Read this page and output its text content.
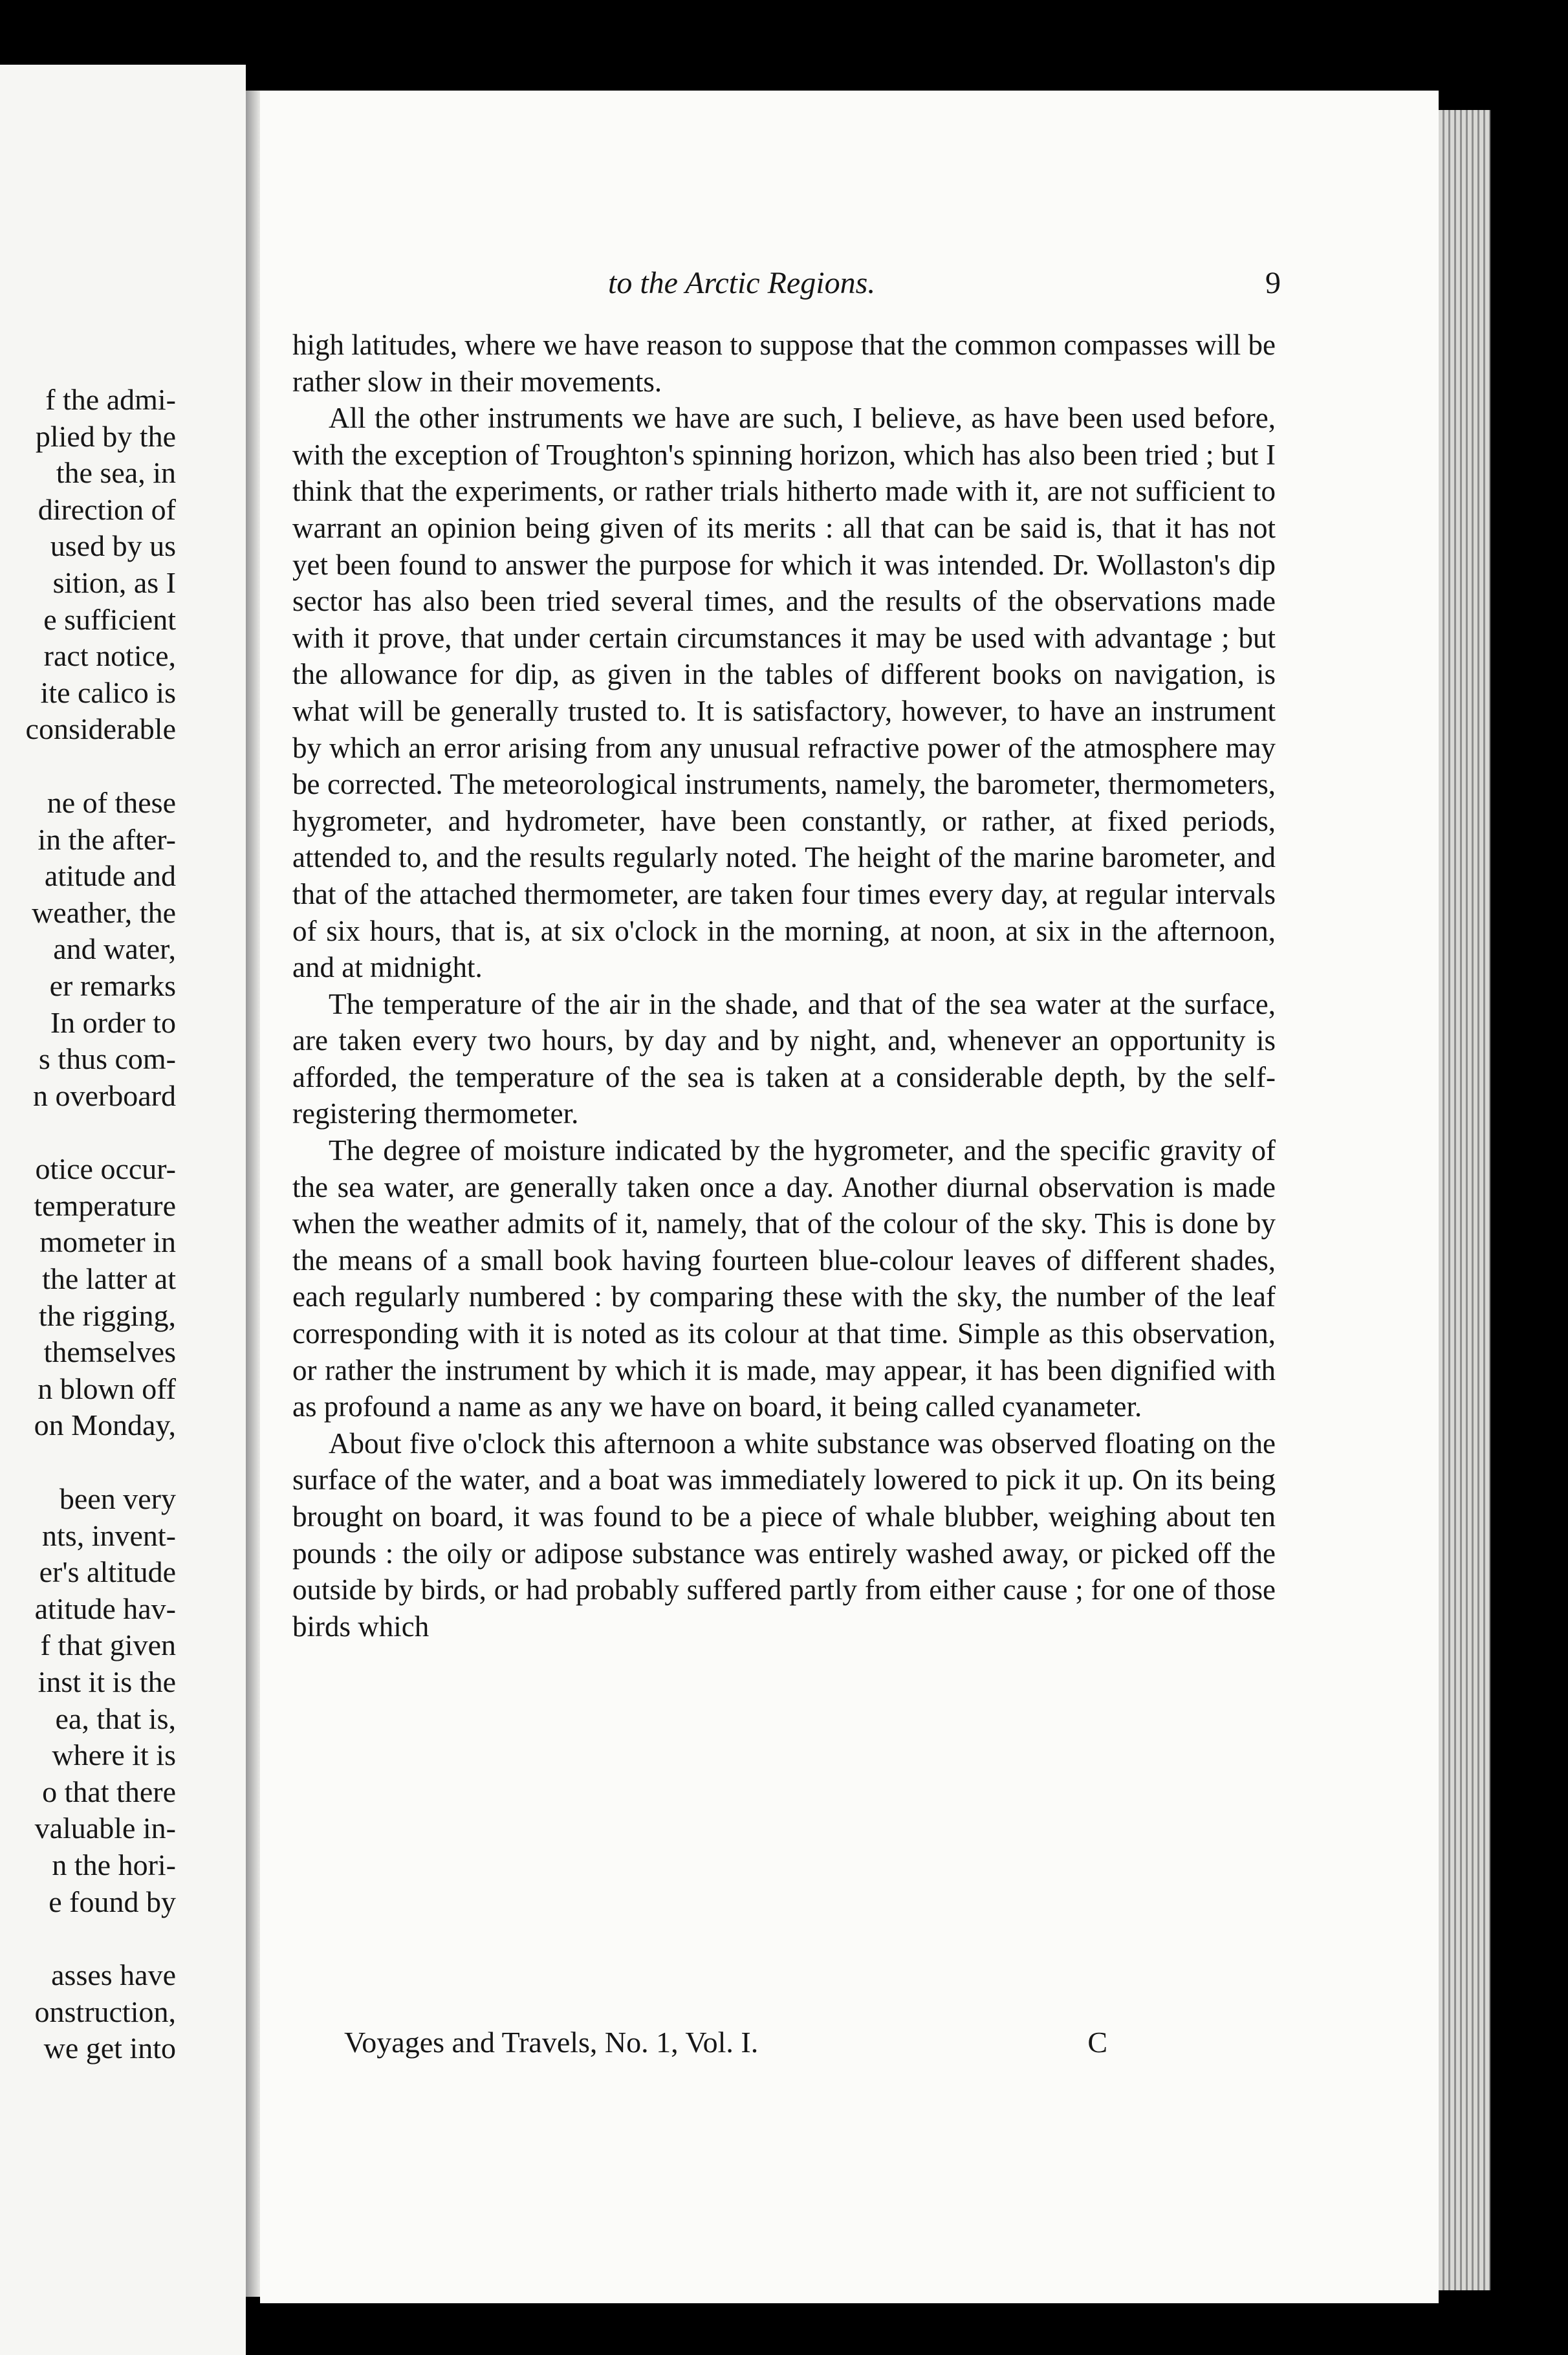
f the admi-
plied by the
the sea, in
direction of
used by us
sition, as I
e sufficient
ract notice,
ite calico is
considerable
ne of these
in the after-
atitude and
weather, the
and water,
er remarks
In order to
s thus com-
n overboard
otice occur-
temperature
mometer in
the latter at
the rigging,
themselves
n blown off
on Monday,
been very
nts, invent-
er's altitude
atitude hav-
f that given
inst it is the
ea, that is,
where it is
o that there
valuable in-
n the hori-
e found by
asses have
onstruction,
we get into
to the Arctic Regions.	9

high latitudes, where we have reason to suppose that the common compasses will be rather slow in their movements.

All the other instruments we have are such, I believe, as have been used before, with the exception of Troughton's spinning horizon, which has also been tried ; but I think that the experiments, or rather trials hitherto made with it, are not sufficient to warrant an opinion being given of its merits : all that can be said is, that it has not yet been found to answer the purpose for which it was intended. Dr. Wollaston's dip sector has also been tried several times, and the results of the observations made with it prove, that under certain circumstances it may be used with advantage ; but the allowance for dip, as given in the tables of different books on navigation, is what will be generally trusted to. It is satisfactory, however, to have an instrument by which an error arising from any unusual refractive power of the atmosphere may be corrected. The meteorological instruments, namely, the barometer, thermometers, hygrometer, and hydrometer, have been constantly, or rather, at fixed periods, attended to, and the results regularly noted. The height of the marine barometer, and that of the attached thermometer, are taken four times every day, at regular intervals of six hours, that is, at six o'clock in the morning, at noon, at six in the afternoon, and at midnight.

The temperature of the air in the shade, and that of the sea water at the surface, are taken every two hours, by day and by night, and, whenever an opportunity is afforded, the temperature of the sea is taken at a considerable depth, by the self-registering thermometer.

The degree of moisture indicated by the hygrometer, and the specific gravity of the sea water, are generally taken once a day. Another diurnal observation is made when the weather admits of it, namely, that of the colour of the sky. This is done by the means of a small book having fourteen blue-colour leaves of different shades, each regularly numbered : by comparing these with the sky, the number of the leaf corresponding with it is noted as its colour at that time. Simple as this observation, or rather the instrument by which it is made, may appear, it has been dignified with as profound a name as any we have on board, it being called cyanameter.

About five o'clock this afternoon a white substance was observed floating on the surface of the water, and a boat was immediately lowered to pick it up. On its being brought on board, it was found to be a piece of whale blubber, weighing about ten pounds : the oily or adipose substance was entirely washed away, or picked off the outside by birds, or had probably suffered partly from either cause ; for one of those birds which

Voyages and Travels, No. 1, Vol. I.	C
